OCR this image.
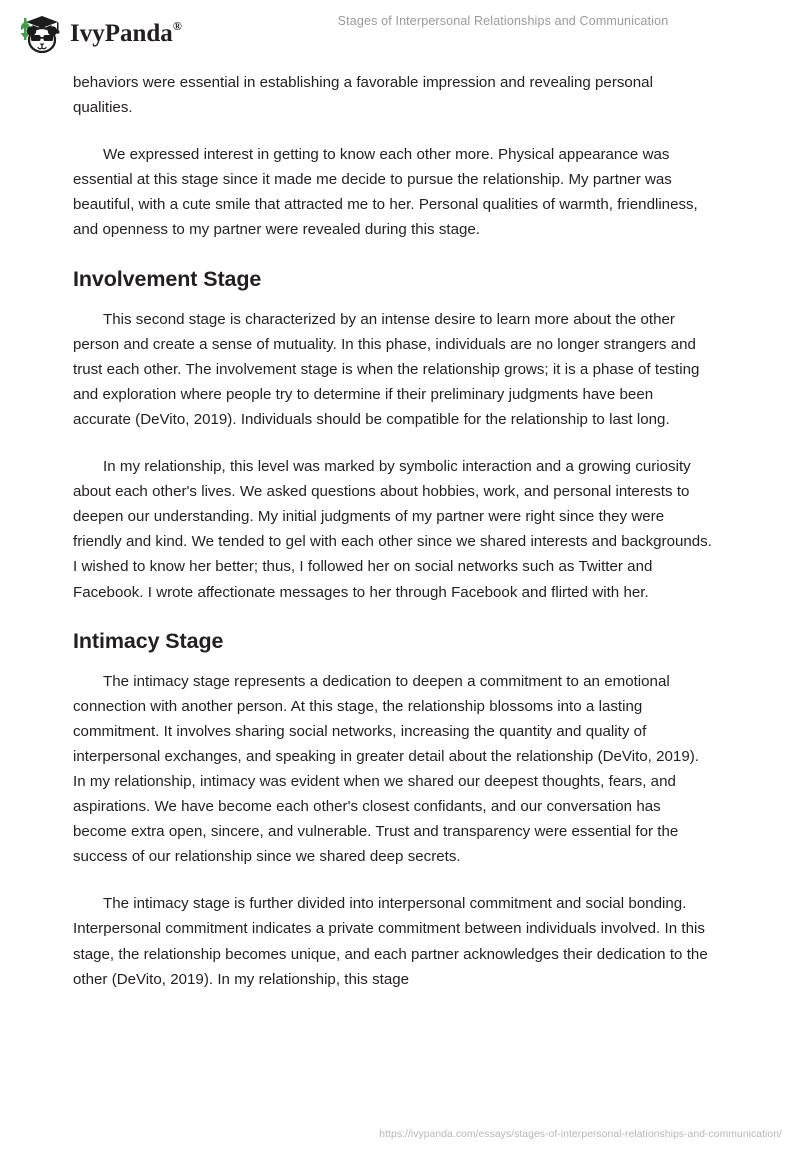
IvyPanda®	Stages of Interpersonal Relationships and Communication

behaviors were essential in establishing a favorable impression and revealing personal qualities.

We expressed interest in getting to know each other more. Physical appearance was essential at this stage since it made me decide to pursue the relationship. My partner was beautiful, with a cute smile that attracted me to her. Personal qualities of warmth, friendliness, and openness to my partner were revealed during this stage.

Involvement Stage

This second stage is characterized by an intense desire to learn more about the other person and create a sense of mutuality. In this phase, individuals are no longer strangers and trust each other. The involvement stage is when the relationship grows; it is a phase of testing and exploration where people try to determine if their preliminary judgments have been accurate (DeVito, 2019). Individuals should be compatible for the relationship to last long.

In my relationship, this level was marked by symbolic interaction and a growing curiosity about each other's lives. We asked questions about hobbies, work, and personal interests to deepen our understanding. My initial judgments of my partner were right since they were friendly and kind. We tended to gel with each other since we shared interests and backgrounds. I wished to know her better; thus, I followed her on social networks such as Twitter and Facebook. I wrote affectionate messages to her through Facebook and flirted with her.

Intimacy Stage

The intimacy stage represents a dedication to deepen a commitment to an emotional connection with another person. At this stage, the relationship blossoms into a lasting commitment. It involves sharing social networks, increasing the quantity and quality of interpersonal exchanges, and speaking in greater detail about the relationship (DeVito, 2019). In my relationship, intimacy was evident when we shared our deepest thoughts, fears, and aspirations. We have become each other's closest confidants, and our conversation has become extra open, sincere, and vulnerable. Trust and transparency were essential for the success of our relationship since we shared deep secrets.

The intimacy stage is further divided into interpersonal commitment and social bonding. Interpersonal commitment indicates a private commitment between individuals involved. In this stage, the relationship becomes unique, and each partner acknowledges their dedication to the other (DeVito, 2019). In my relationship, this stage

https://ivypanda.com/essays/stages-of-interpersonal-relationships-and-communication/
